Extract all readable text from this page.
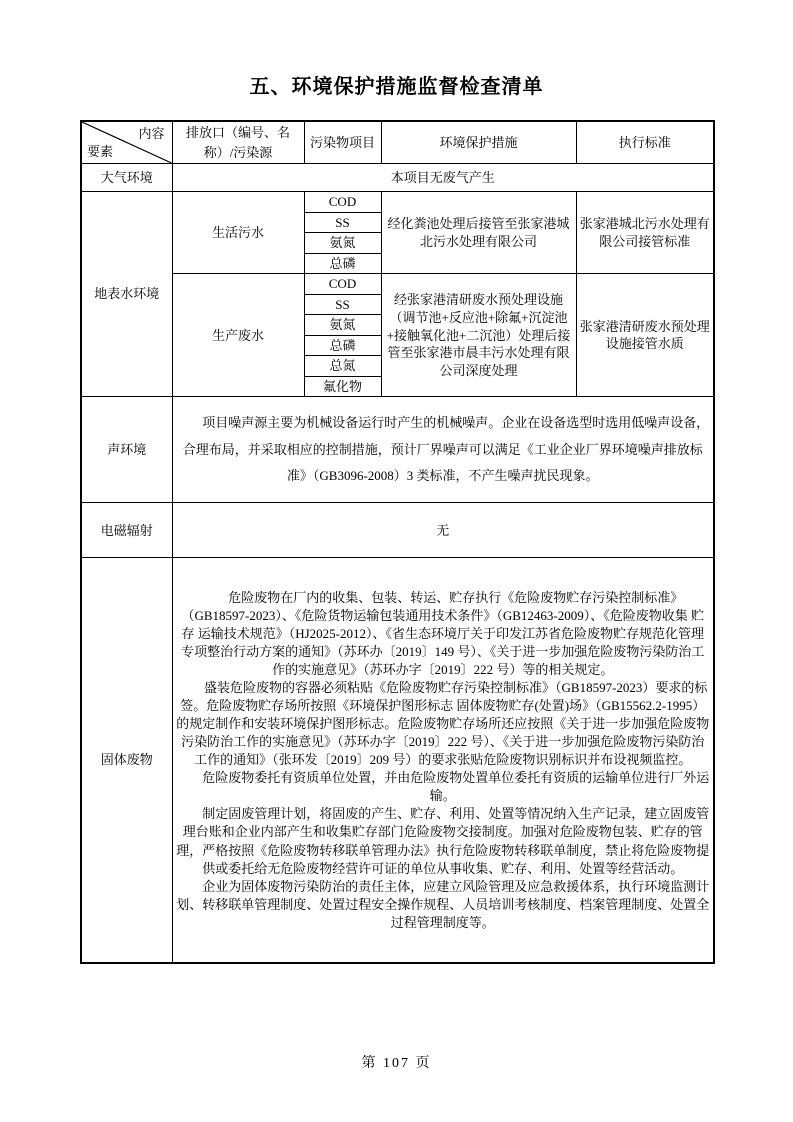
五、环境保护措施监督检查清单
内容
要素	排放口（编号、名称）/污染源	污染物项目	环境保护措施	执行标准
大气环境	本项目无废气产生			
地表水环境	生活污水	COD	经化粪池处理后接管至张家港城北污水处理有限公司	张家港城北污水处理有限公司接管标准
		SS		
		氨氮		
		总磷		
	生产废水	COD	经张家港清研废水预处理设施（调节池+反应池+除氟+沉淀池+接触氧化池+二沉池）处理后接管至张家港市晨丰污水处理有限公司深度处理	张家港清研废水预处理设施接管水质
		SS		
		氨氮		
		总磷		
		总氮		
		氟化物		
声环境	项目噪声源主要为机械设备运行时产生的机械噪声。企业在设备选型时选用低噪声设备，合理布局，并采取相应的控制措施，预计厂界噪声可以满足《工业企业厂界环境噪声排放标准》（GB3096-2008）3 类标准，不产生噪声扰民现象。			

电磁辐射	无			
固体废物	危险废物在厂内的收集、包装、转运、贮存执行《危险废物贮存污染控制标准》（GB18597-2023）、《危险货物运输包装通用技术条件》（GB12463-2009）、《危险废物收集 贮存 运输技术规范》（HJ2025-2012）、《省生态环境厅关于印发江苏省危险废物贮存规范化管理专项整治行动方案的通知》（苏环办〔2019〕149 号）、《关于进一步加强危险废物污染防治工作的实施意见》（苏环办字〔2019〕222 号）等的相关规定。

盛装危险废物的容器必须粘贴《危险废物贮存污染控制标准》（GB18597-2023）要求的标签。危险废物贮存场所按照《环境保护图形标志 固体废物贮存(处置)场》（GB15562.2-1995）的规定制作和安装环境保护图形标志。危险废物贮存场所还应按照《关于进一步加强危险废物污染防治工作的实施意见》（苏环办字〔2019〕222 号）、《关于进一步加强危险废物污染防治工作的通知》（张环发〔2019〕209 号）的要求张贴危险废物识别标识并布设视频监控。

危险废物委托有资质单位处置，并由危险废物处置单位委托有资质的运输单位进行厂外运输。

制定固废管理计划，将固废的产生、贮存、利用、处置等情况纳入生产记录，建立固废管理台账和企业内部产生和收集贮存部门危险废物交接制度。加强对危险废物包装、贮存的管理，严格按照《危险废物转移联单管理办法》执行危险废物转移联单制度，禁止将危险废物提供或委托给无危险废物经营许可证的单位从事收集、贮存、利用、处置等经营活动。

企业为固体废物污染防治的责任主体，应建立风险管理及应急救援体系，执行环境监测计划、转移联单管理制度、处置过程安全操作规程、人员培训考核制度、档案管理制度、处置全过程管理制度等。			

第 107 页
